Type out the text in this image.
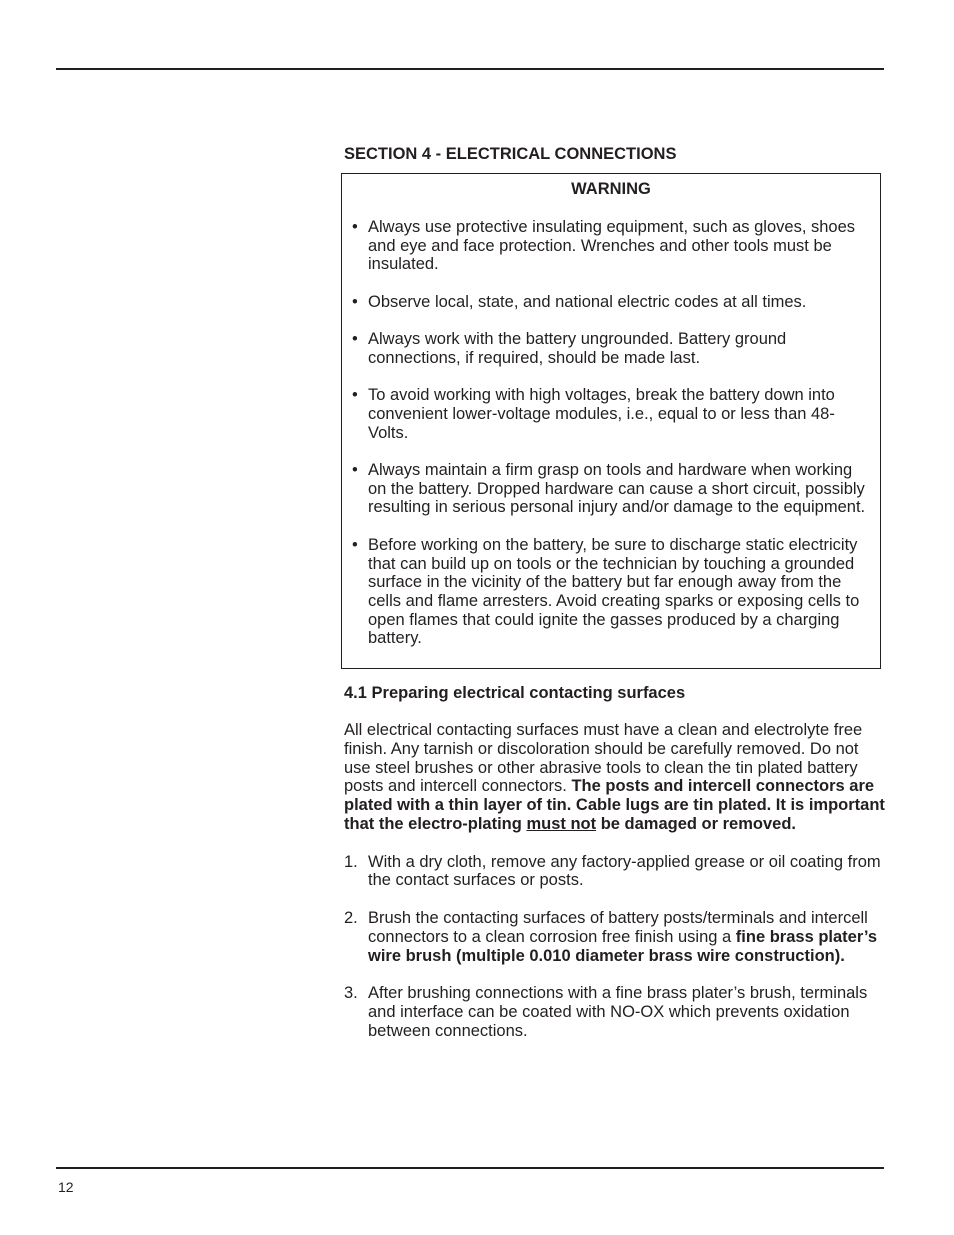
SECTION 4 - ELECTRICAL CONNECTIONS
WARNING
• Always use protective insulating equipment, such as gloves, shoes and eye and face protection. Wrenches and other tools must be insulated.
• Observe local, state, and national electric codes at all times.
• Always work with the battery ungrounded. Battery ground connections, if required, should be made last.
• To avoid working with high voltages, break the battery down into convenient lower-voltage modules, i.e., equal to or less than 48-Volts.
• Always maintain a firm grasp on tools and hardware when working on the battery. Dropped hardware can cause a short circuit, possibly resulting in serious personal injury and/or damage to the equipment.
• Before working on the battery, be sure to discharge static electricity that can build up on tools or the technician by touching a grounded surface in the vicinity of the battery but far enough away from the cells and flame arresters. Avoid creating sparks or exposing cells to open flames that could ignite the gasses produced by a charging battery.
4.1 Preparing electrical contacting surfaces

All electrical contacting surfaces must have a clean and electrolyte free finish. Any tarnish or discoloration should be carefully removed. Do not use steel brushes or other abrasive tools to clean the tin plated battery posts and intercell connectors. The posts and intercell connectors are plated with a thin layer of tin. Cable lugs are tin plated. It is important that the electro-plating must not be damaged or removed.

1. With a dry cloth, remove any factory-applied grease or oil coating from the contact surfaces or posts.
2. Brush the contacting surfaces of battery posts/terminals and intercell connectors to a clean corrosion free finish using a fine brass plater’s wire brush (multiple 0.010 diameter brass wire construction).
3. After brushing connections with a fine brass plater’s brush, terminals and interface can be coated with NO-OX which prevents oxidation between connections.
12
